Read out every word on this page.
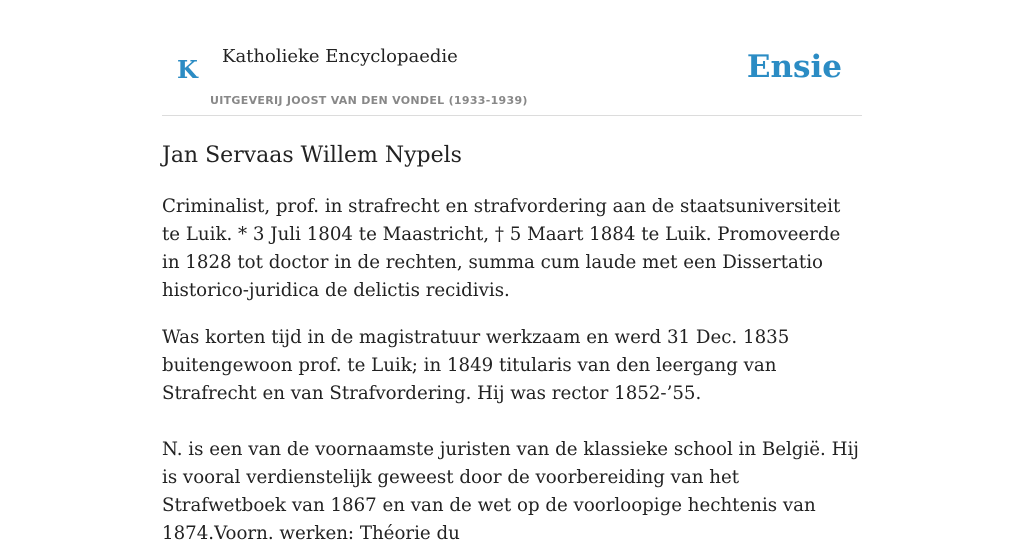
K Katholieke Encyclopaedie
UITGEVERIJ JOOST VAN DEN VONDEL (1933-1939)
Ensie
Jan Servaas Willem Nypels

Criminalist, prof. in strafrecht en strafvordering aan de staatsuniversiteit te Luik. * 3 Juli 1804 te Maastricht, † 5 Maart 1884 te Luik. Promoveerde in 1828 tot doctor in de rechten, summa cum laude met een Dissertatio historico-juridica de delictis recidivis.

Was korten tijd in de magistratuur werkzaam en werd 31 Dec. 1835 buitengewoon prof. te Luik; in 1849 titularis van den leergang van Strafrecht en van Strafvordering. Hij was rector 1852-’55.

N. is een van de voornaamste juristen van de klassieke school in België. Hij is vooral verdienstelijk geweest door de voorbereiding van het Strafwetboek van 1867 en van de wet op de voorloopige hechtenis van 1874.Voorn. werken: Théorie du
